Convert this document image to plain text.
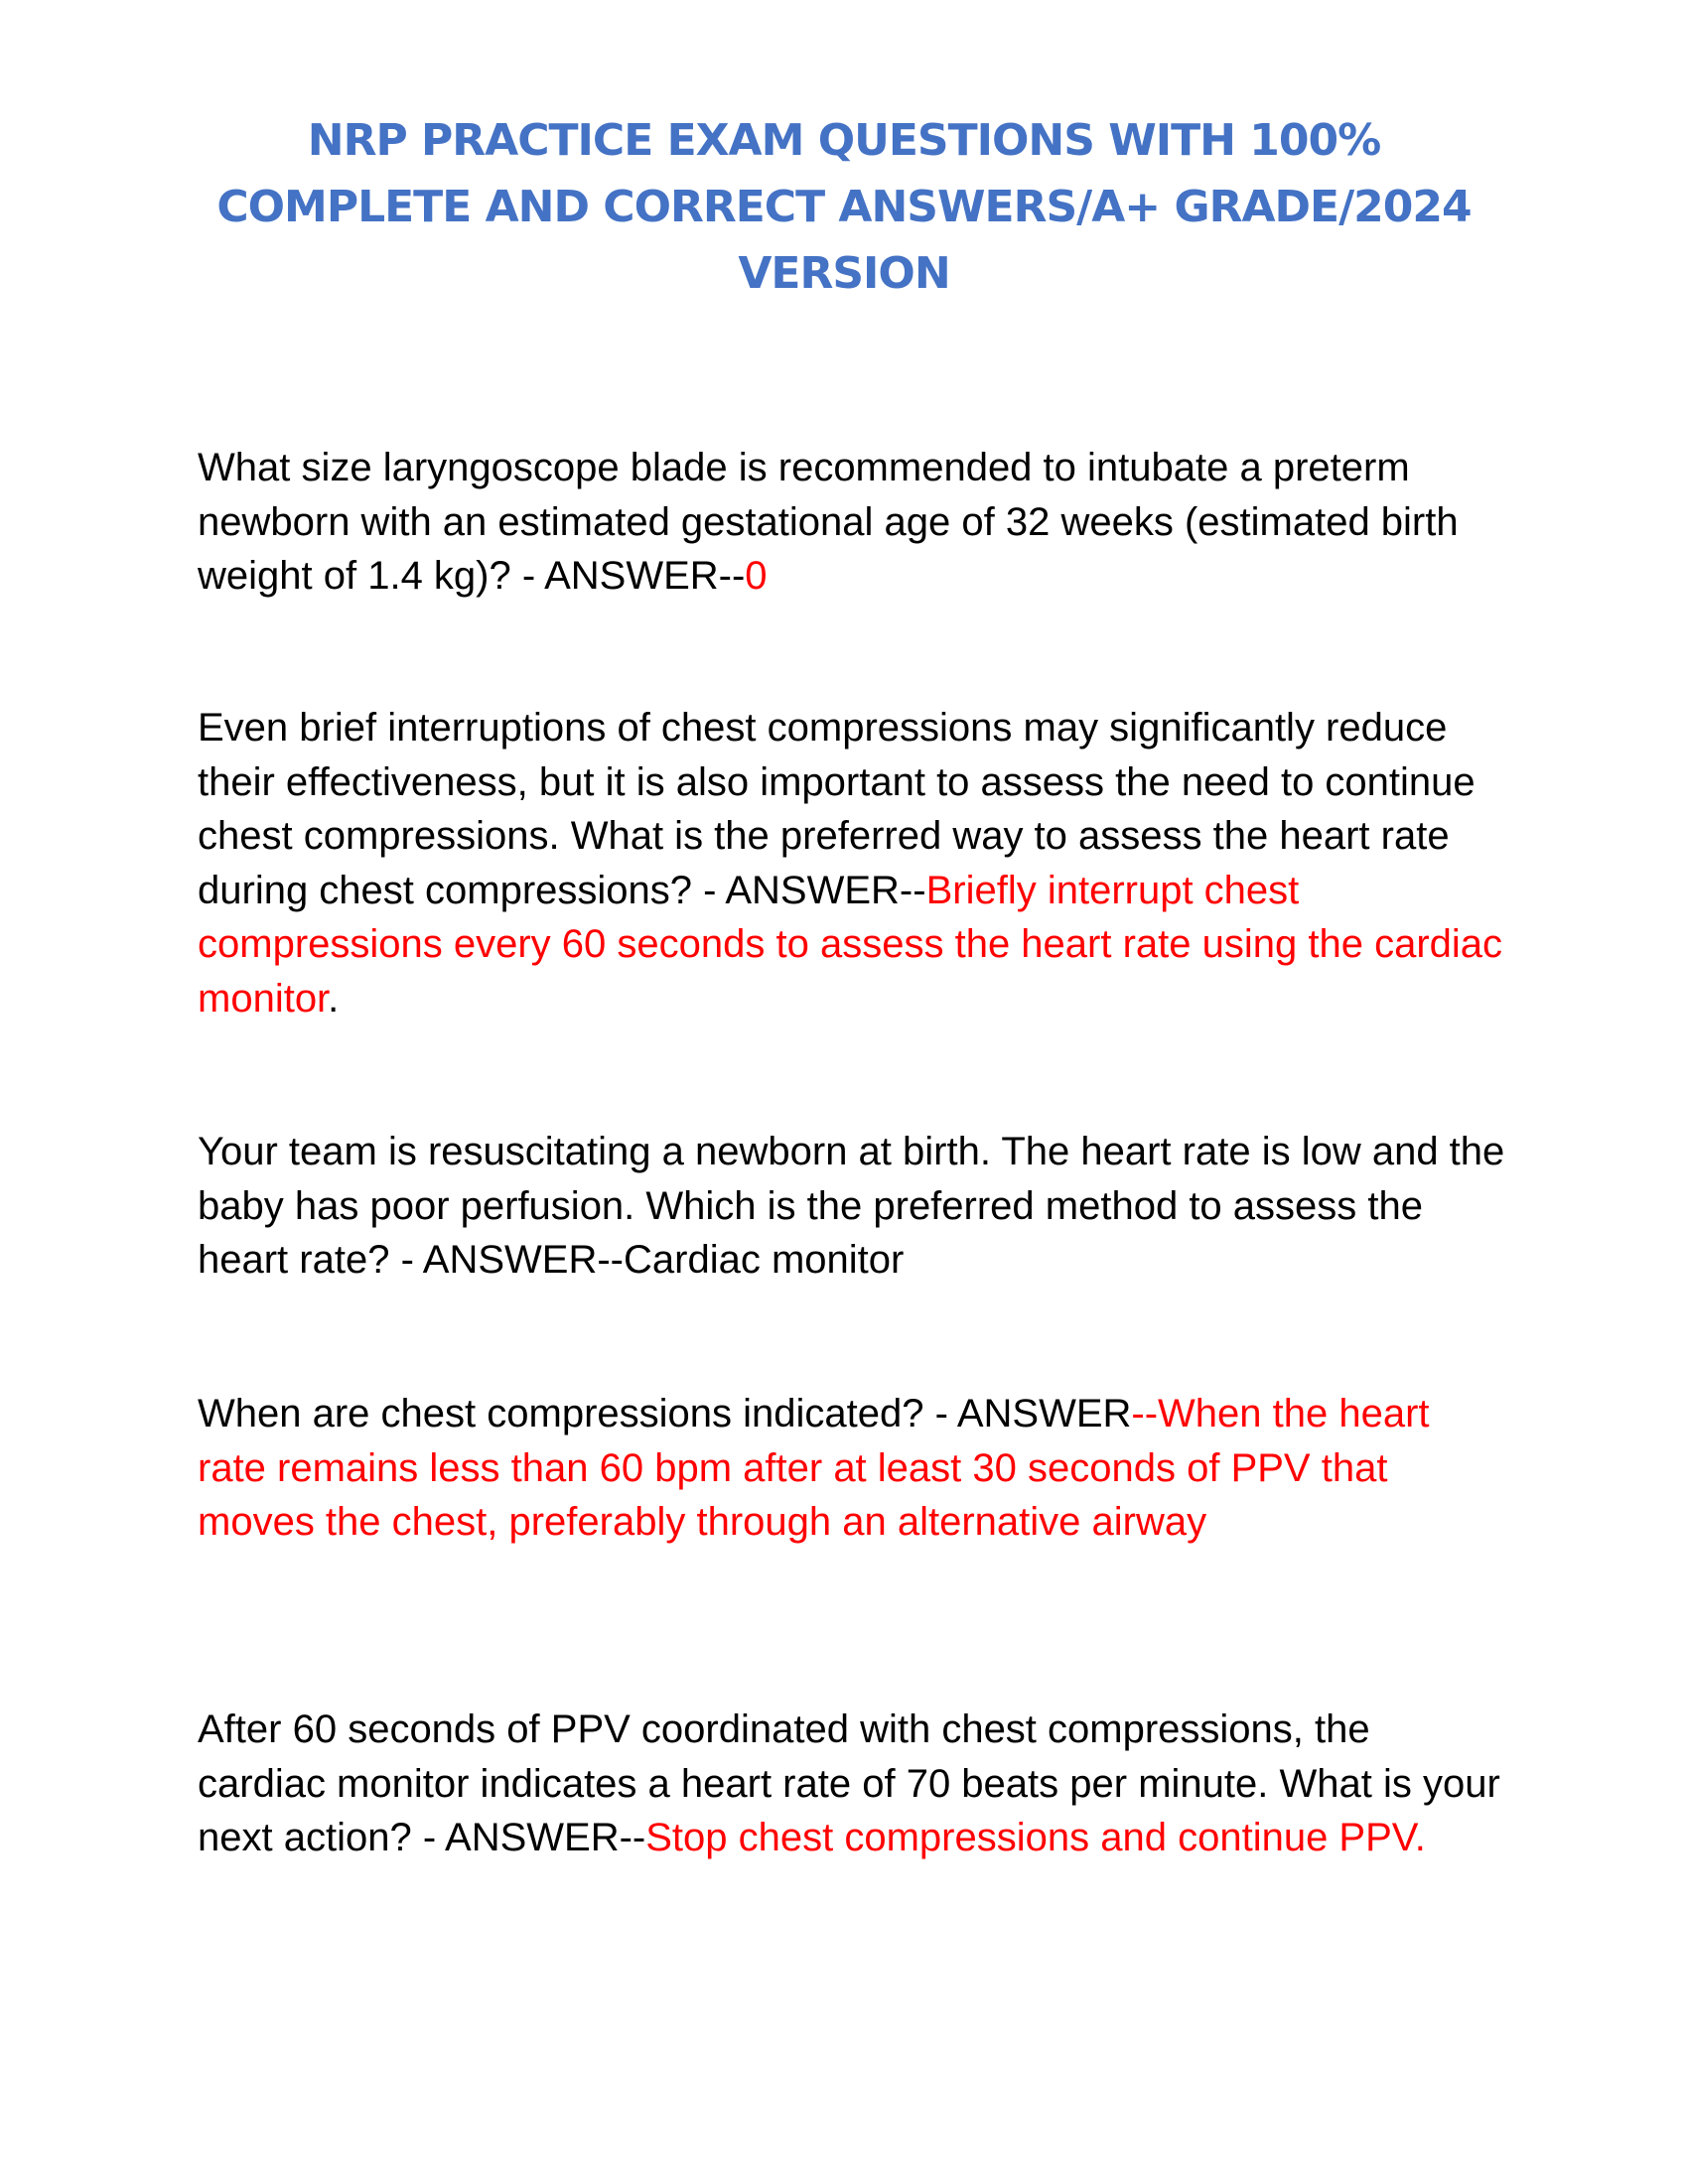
NRP PRACTICE EXAM QUESTIONS WITH 100%
COMPLETE AND CORRECT ANSWERS/A+ GRADE/2024
VERSION
What size laryngoscope blade is recommended to intubate a preterm newborn with an estimated gestational age of 32 weeks (estimated birth weight of 1.4 kg)? - ANSWER--0
Even brief interruptions of chest compressions may significantly reduce their effectiveness, but it is also important to assess the need to continue chest compressions. What is the preferred way to assess the heart rate during chest compressions? - ANSWER--Briefly interrupt chest compressions every 60 seconds to assess the heart rate using the cardiac monitor.
Your team is resuscitating a newborn at birth. The heart rate is low and the baby has poor perfusion. Which is the preferred method to assess the heart rate? - ANSWER--Cardiac monitor
When are chest compressions indicated? - ANSWER--When the heart rate remains less than 60 bpm after at least 30 seconds of PPV that moves the chest, preferably through an alternative airway
After 60 seconds of PPV coordinated with chest compressions, the cardiac monitor indicates a heart rate of 70 beats per minute. What is your next action? - ANSWER--Stop chest compressions and continue PPV.
